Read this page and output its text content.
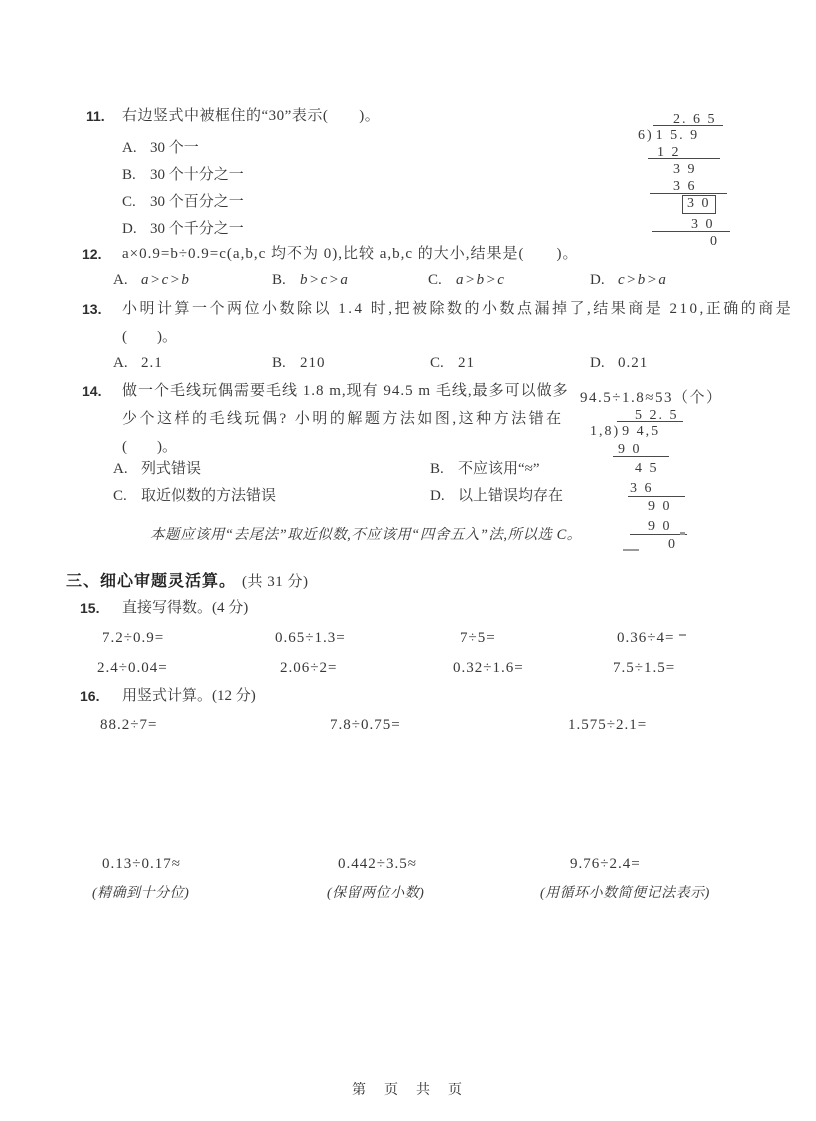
11. 右边竖式中被框住的“30”表示(　　)。
A. 30 个一
B. 30 个十分之一
C. 30 个百分之一
D. 30 个千分之一
2. 6 5
6) 1 5. 9
1 2
3 9
3 6
3 0
3 0
0
12. a×0.9=b÷0.9=c(a,b,c 均不为 0),比较 a,b,c 的大小,结果是(　　)。
A. a>c>b	B. b>c>a	C. a>b>c	D. c>b>a
13. 小明计算一个两位小数除以 1.4 时,把被除数的小数点漏掉了,结果商是 210,正确的商是
(　　)。
A. 2.1	B. 210	C. 21	D. 0.21
14. 做一个毛线玩偶需要毛线 1.8 m,现有 94.5 m 毛线,最多可以做多
少个这样的毛线玩偶? 小明的解题方法如图,这种方法错在
(　　)。
A. 列式错误	B. 不应该用“≈”
C. 取近似数的方法错误	D. 以上错误均存在
本题应该用“去尾法”取近似数,不应该用“四舍五入”法,所以选 C。
94.5÷1.8≈53（个）
5 2. 5
1,8) 9 4,5
9 0
4 5
3 6
9 0
9 0
0
三、细心审题灵活算。 (共 31 分)
15. 直接写得数。(4 分)
7.2÷0.9=	0.65÷1.3=	7÷5=	0.36÷4=
2.4÷0.04=	2.06÷2=	0.32÷1.6=	7.5÷1.5=
16. 用竖式计算。(12 分)
88.2÷7=	7.8÷0.75=	1.575÷2.1=
0.13÷0.17≈	0.442÷3.5≈	9.76÷2.4=
(精确到十分位)	(保留两位小数)	(用循环小数简便记法表示)
第　页　共　页
